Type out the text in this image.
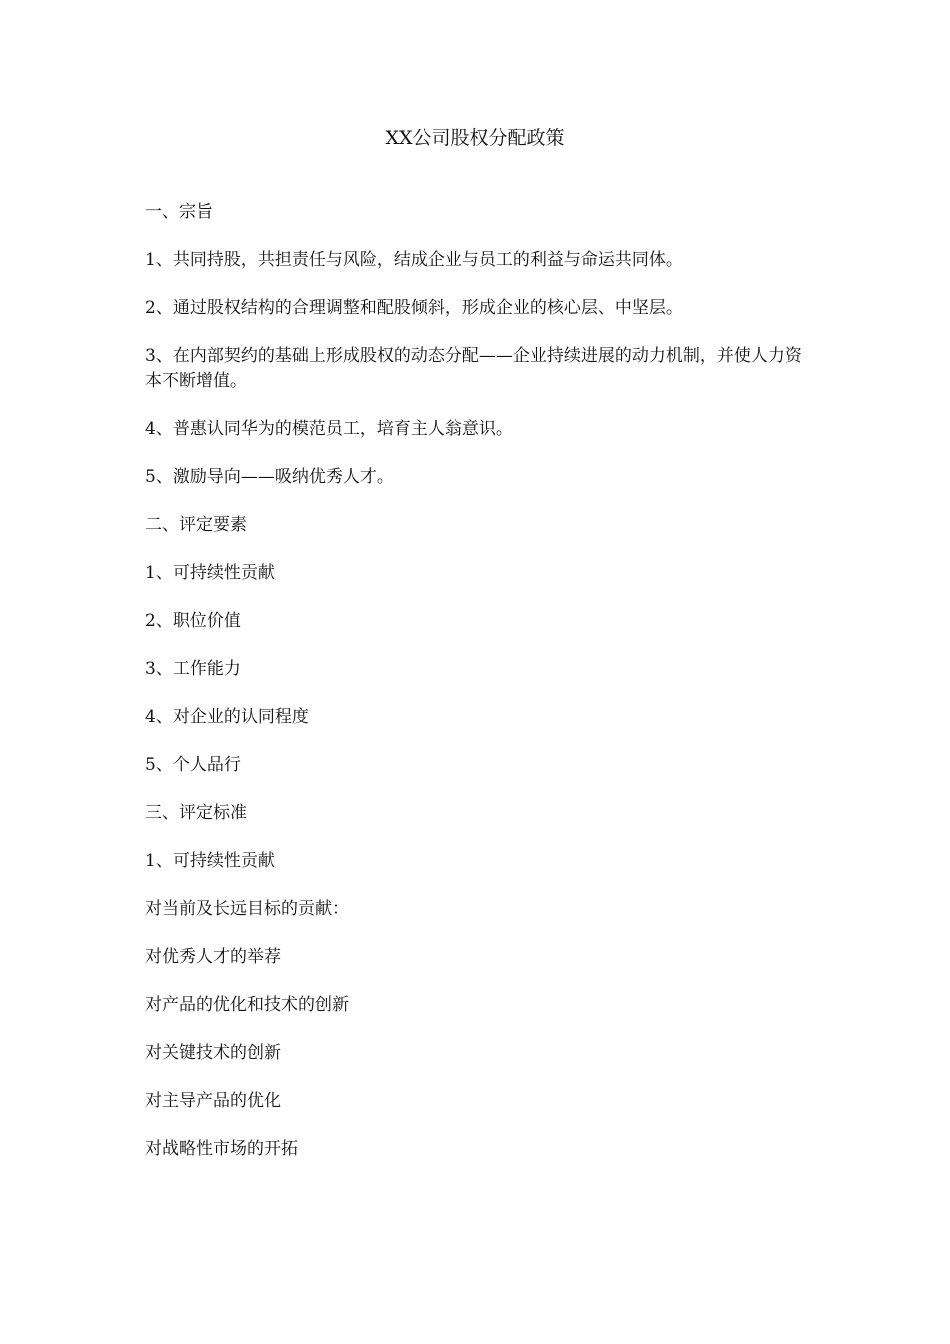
XX公司股权分配政策

一、宗旨

1、共同持股，共担责任与风险，结成企业与员工的利益与命运共同体。

2、通过股权结构的合理调整和配股倾斜，形成企业的核心层、中坚层。

3、在内部契约的基础上形成股权的动态分配——企业持续进展的动力机制，并使人力资本不断增值。

4、普惠认同华为的模范员工，培育主人翁意识。

5、激励导向——吸纳优秀人才。

二、评定要素

1、可持续性贡献

2、职位价值

3、工作能力

4、对企业的认同程度

5、个人品行

三、评定标准

1、可持续性贡献

对当前及长远目标的贡献：

对优秀人才的举荐

对产品的优化和技术的创新

对关键技术的创新

对主导产品的优化

对战略性市场的开拓
